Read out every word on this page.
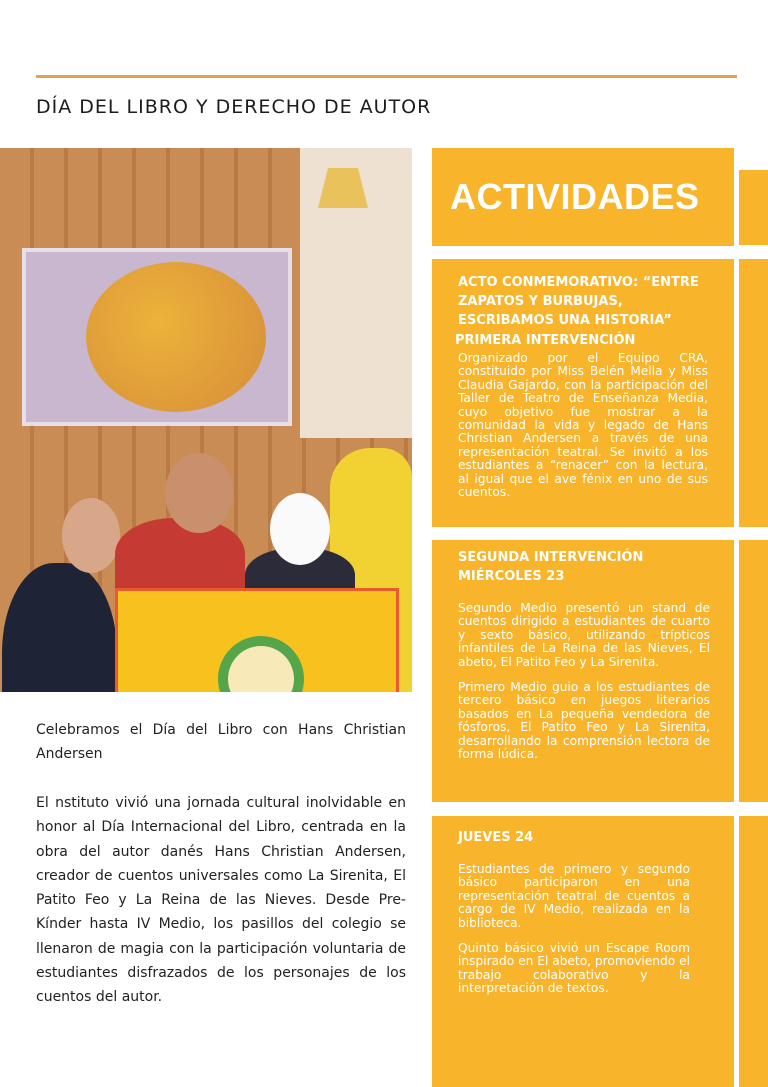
DÍA DEL LIBRO Y DERECHO DE AUTOR

Celebramos el Día del Libro con Hans Christian Andersen

El nstituto vivió una jornada cultural inolvidable en honor al Día Internacional del Libro, centrada en la obra del autor danés Hans Christian Andersen, creador de cuentos universales como La Sirenita, El Patito Feo y La Reina de las Nieves. Desde Pre-Kínder hasta IV Medio, los pasillos del colegio se llenaron de magia con la participación voluntaria de estudiantes disfrazados de los personajes de los cuentos del autor.

ACTIVIDADES
ACTO CONMEMORATIVO: “ENTRE ZAPATOS Y BURBUJAS, ESCRIBAMOS UNA HISTORIA”
PRIMERA INTERVENCIÓN

Organizado por el Equipo CRA, constituido por Miss Belén Mella y Miss Claudia Gajardo, con la participación del Taller de Teatro de Enseñanza Media, cuyo objetivo fue mostrar a la comunidad la vida y legado de Hans Christian Andersen a través de una representación teatral. Se invitó a los estudiantes a “renacer” con la lectura, al igual que el ave fénix en uno de sus cuentos.

SEGUNDA INTERVENCIÓN MIÉRCOLES 23

Segundo Medio presentó un stand de cuentos dirigido a estudiantes de cuarto y sexto básico, utilizando trípticos infantiles de La Reina de las Nieves, El abeto, El Patito Feo y La Sirenita.

Primero Medio guio a los estudiantes de tercero básico en juegos literarios basados en La pequeña vendedora de fósforos, El Patito Feo y La Sirenita, desarrollando la comprensión lectora de forma lúdica.

JUEVES 24

Estudiantes de primero y segundo básico participaron en una representación teatral de cuentos a cargo de IV Medio, realizada en la biblioteca.

Quinto básico vivió un Escape Room inspirado en El abeto, promoviendo el trabajo colaborativo y la interpretación de textos.
